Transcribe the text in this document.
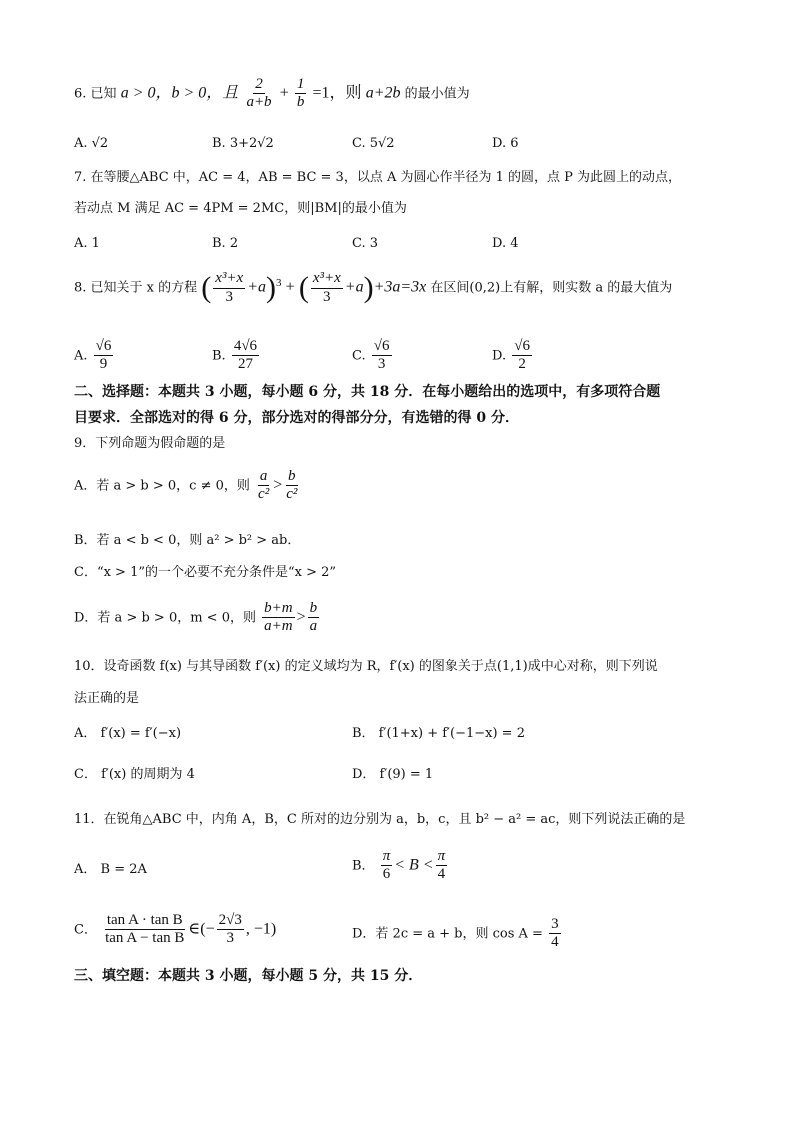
6. 已知 a > 0，b > 0，且 $\frac{2}{a+b} + \frac{1}{b} =1$，则 a+2b 的最小值为
A. √2	B. 3+2√2	C. 5√2	D. 6
7. 在等腰△ABC 中，AC = 4，AB = BC = 3，以点 A 为圆心作半径为 1 的圆，点 P 为此圆上的动点，
若动点 M 满足 AC = 4PM = 2MC，则|BM|的最小值为
A. 1	B. 2	C. 3	D. 4
8. 已知关于 x 的方程 ( $\frac{\text{x³+x}}{3} +a)^3$ + ( $\frac{\text{x³+x}}{3} +a)+3a=3x$ 在区间(0,2)上有解，则实数 a 的最大值为
A. $\frac{√6}{9}$	B. $\frac{4√6}{27}$	C. $\frac{√6}{3}$	D. $\frac{√6}{2}$
二、选择题：本题共 3 小题，每小题 6 分，共 18 分．在每小题给出的选项中，有多项符合题
目要求．全部选对的得 6 分，部分选对的得部分分，有选错的得 0 分．
9．下列命题为假命题的是
A．若 a > b > 0，c ≠ 0，则 $\frac{a}{\text{c²}} > \frac{b}{\text{c²}}$
B．若 a < b < 0，则 a² > b² > ab．
C．“x > 1”的一个必要不充分条件是“x > 2”
D．若 a > b > 0，m < 0，则 $\frac{b+m}{a+m} > \frac{b}{a}$
10．设奇函数 f(x) 与其导函数 f′(x) 的定义域均为 R，f′(x) 的图象关于点(1,1)成中心对称，则下列说
法正确的是
A． f′(x) = f′(−x)	B． f′(1+x) + f′(−1−x) = 2
C． f′(x) 的周期为 4	D． f′(9) = 1
11．在锐角△ABC 中，内角 A，B，C 所对的边分别为 a，b，c，且 b² − a² = ac，则下列说法正确的是
A． B = 2A	B． $\frac{\pi}{6} < B < \frac{\pi}{4}$
C． $\frac{\text{tan A · tan B}}{\text{tan A − tan B}}$ ∈(− $\frac{2√3}{3}$ , −1)	D．若 2c = a + b，则 $\cos A = \frac{3}{4}$
三、填空题：本题共 3 小题，每小题 5 分，共 15 分．
